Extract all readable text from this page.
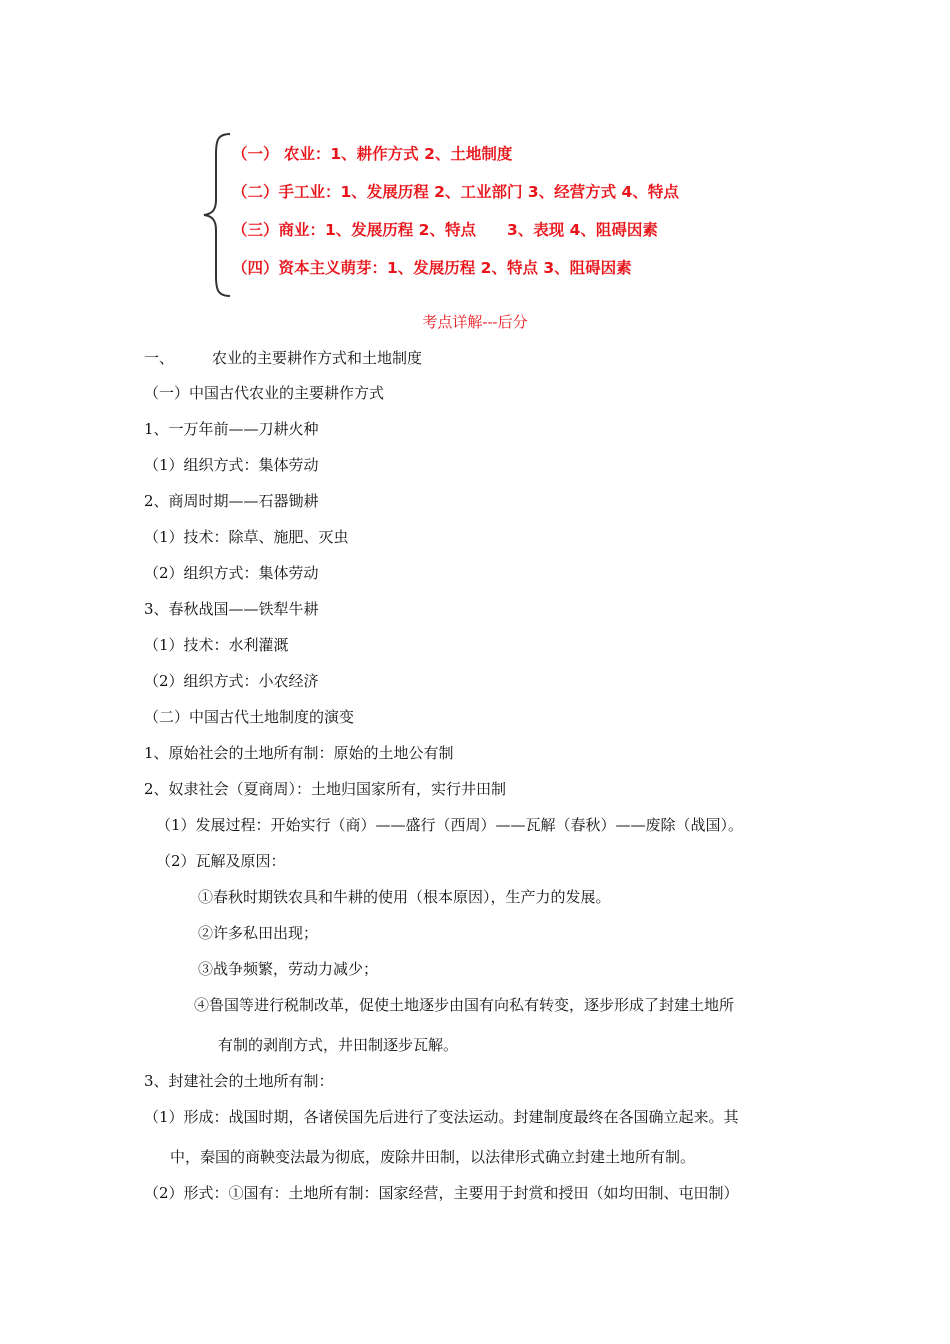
（一） 农业：1、耕作方式 2、土地制度
（二）手工业：1、发展历程 2、工业部门 3、经营方式 4、特点
（三）商业：1、发展历程 2、特点　　3、表现 4、阻碍因素
（四）资本主义萌芽：1、发展历程 2、特点 3、阻碍因素
考点详解---后分
一、	农业的主要耕作方式和土地制度
（一）中国古代农业的主要耕作方式
1、一万年前——刀耕火种
（1）组织方式：集体劳动
2、商周时期——石器锄耕
（1）技术：除草、施肥、灭虫
（2）组织方式：集体劳动
3、春秋战国——铁犁牛耕
（1）技术：水利灌溉
（2）组织方式：小农经济
（二）中国古代土地制度的演变
1、原始社会的土地所有制：原始的土地公有制
2、奴隶社会（夏商周）：土地归国家所有，实行井田制
（1）发展过程：开始实行（商）——盛行（西周）——瓦解（春秋）——废除（战国）。
（2）瓦解及原因：
①春秋时期铁农具和牛耕的使用（根本原因），生产力的发展。
②许多私田出现；
③战争频繁，劳动力减少；
④鲁国等进行税制改革，促使土地逐步由国有向私有转变，逐步形成了封建土地所
有制的剥削方式，井田制逐步瓦解。
3、封建社会的土地所有制：
（1）形成：战国时期，各诸侯国先后进行了变法运动。封建制度最终在各国确立起来。其
中，秦国的商鞅变法最为彻底，废除井田制，以法律形式确立封建土地所有制。
（2）形式：①国有：土地所有制：国家经营，主要用于封赏和授田（如均田制、屯田制）
